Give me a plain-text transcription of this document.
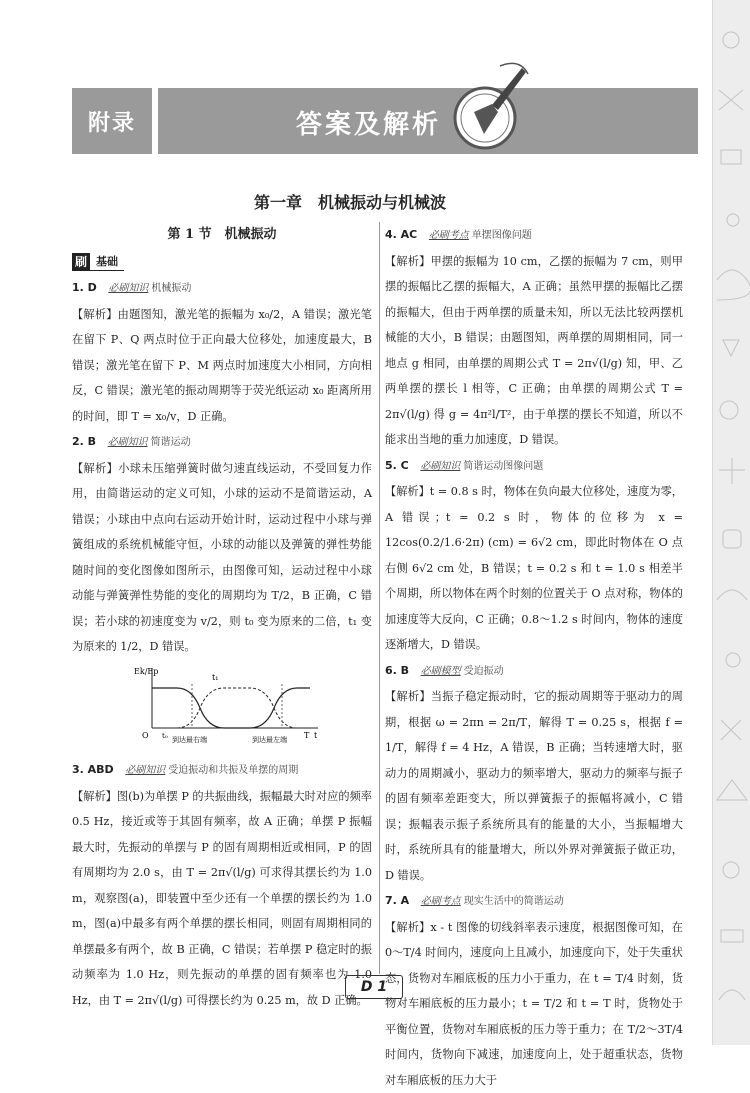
附录	答案及解析
第一章　机械振动与机械波
第 1 节　机械振动
刷 基础
1. D 必刷知识 机械振动

【解析】由题图知，激光笔的振幅为 x₀/2，A 错误；激光笔在留下 P、Q 两点时位于正向最大位移处，加速度最大，B 错误；激光笔在留下 P、M 两点时加速度大小相同，方向相反，C 错误；激光笔的振动周期等于荧光纸运动 x₀ 距离所用的时间，即 T = x₀/v，D 正确。

2. B 必刷知识 简谐运动

【解析】小球未压缩弹簧时做匀速直线运动，不受回复力作用，由简谐运动的定义可知，小球的运动不是简谐运动，A 错误；小球由中点向右运动开始计时，运动过程中小球与弹簧组成的系统机械能守恒，小球的动能以及弹簧的弹性势能随时间的变化图像如图所示，由图像可知，运动过程中小球动能与弹簧弹性势能的变化的周期均为 T/2，B 正确，C 错误；若小球的初速度变为 v/2，则 t₀ 变为原来的二倍，t₁ 变为原来的 1/2，D 错误。

Ek/Ep
t₁
O t₀ 到达最右端	到达最左端 T t
3. ABD 必刷知识 受迫振动和共振及单摆的周期

【解析】图(b)为单摆 P 的共振曲线，振幅最大时对应的频率 0.5 Hz，接近或等于其固有频率，故 A 正确；单摆 P 振幅最大时，先振动的单摆与 P 的固有周期相近或相同，P 的固有周期均为 2.0 s，由 T = 2π√(l/g) 可求得其摆长约为 1.0 m，观察图(a)，即装置中至少还有一个单摆的摆长约为 1.0 m，图(a)中最多有两个单摆的摆长相同，则固有周期相同的单摆最多有两个，故 B 正确，C 错误；若单摆 P 稳定时的振动频率为 1.0 Hz，则先振动的单摆的固有频率也为 1.0 Hz，由 T = 2π√(l/g) 可得摆长约为 0.25 m，故 D 正确。

4. AC 必刷考点 单摆图像问题

【解析】甲摆的振幅为 10 cm，乙摆的振幅为 7 cm，则甲摆的振幅比乙摆的振幅大，A 正确；虽然甲摆的振幅比乙摆的振幅大，但由于两单摆的质量未知，所以无法比较两摆机械能的大小，B 错误；由题图知，两单摆的周期相同，同一地点 g 相同，由单摆的周期公式 T = 2π√(l/g) 知，甲、乙两单摆的摆长 l 相等，C 正确；由单摆的周期公式 T = 2π√(l/g) 得 g = 4π²l/T²，由于单摆的摆长不知道，所以不能求出当地的重力加速度，D 错误。

5. C 必刷知识 简谐运动图像问题

【解析】t = 0.8 s 时，物体在负向最大位移处，速度为零，A 错误；t = 0.2 s 时，物体的位移为 x = 12cos(0.2/1.6·2π) (cm) = 6√2 cm，即此时物体在 O 点右侧 6√2 cm 处，B 错误；t = 0.2 s 和 t = 1.0 s 相差半个周期，所以物体在两个时刻的位置关于 O 点对称，物体的加速度等大反向，C 正确；0.8～1.2 s 时间内，物体的速度逐渐增大，D 错误。

6. B 必刷模型 受迫振动

【解析】当振子稳定振动时，它的振动周期等于驱动力的周期，根据 ω = 2πn = 2π/T，解得 T = 0.25 s，根据 f = 1/T，解得 f = 4 Hz，A 错误，B 正确；当转速增大时，驱动力的周期减小，驱动力的频率增大，驱动力的频率与振子的固有频率差距变大，所以弹簧振子的振幅将减小，C 错误；振幅表示振子系统所具有的能量的大小，当振幅增大时，系统所具有的能量增大，所以外界对弹簧振子做正功，D 错误。

7. A 必刷考点 现实生活中的简谐运动

【解析】x - t 图像的切线斜率表示速度，根据图像可知，在 0～T/4 时间内，速度向上且减小，加速度向下，处于失重状态，货物对车厢底板的压力小于重力，在 t = T/4 时刻，货物对车厢底板的压力最小；t = T/2 和 t = T 时，货物处于平衡位置，货物对车厢底板的压力等于重力；在 T/2～3T/4 时间内，货物向下减速，加速度向上，处于超重状态，货物对车厢底板的压力大于

D 1
